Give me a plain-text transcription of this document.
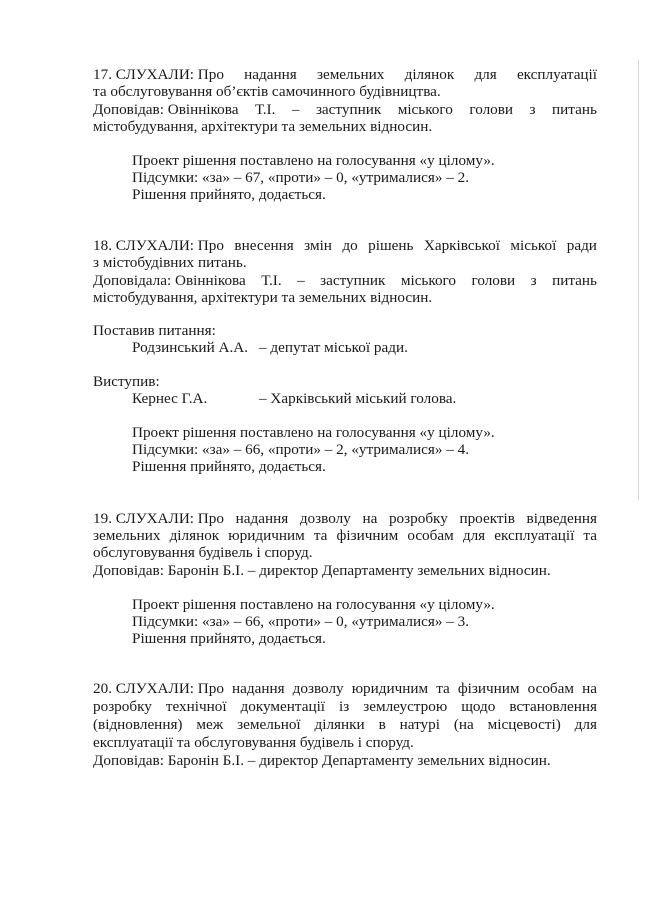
17. СЛУХАЛИ: Про надання земельних ділянок для експлуатації
та обслуговування об’єктів самочинного будівництва.
Доповідав: Овіннікова Т.І. – заступник міського голови з питань
містобудування, архітектури та земельних відносин.
Проект рішення поставлено на голосування «у цілому».
Підсумки: «за» – 67, «проти» – 0, «утрималися» – 2.
Рішення прийнято, додається.
18. СЛУХАЛИ: Про внесення змін до рішень Харківської міської ради
з містобудівних питань.
Доповідала: Овіннікова Т.І. – заступник міського голови з питань
містобудування, архітектури та земельних відносин.
Поставив питання:
Родзинський А.А. – депутат міської ради.
Виступив:
Кернес Г.А.	– Харківський міський голова.
Проект рішення поставлено на голосування «у цілому».
Підсумки: «за» – 66, «проти» – 2, «утрималися» – 4.
Рішення прийнято, додається.
19. СЛУХАЛИ: Про надання дозволу на розробку проектів відведення
земельних ділянок юридичним та фізичним особам для експлуатації та
обслуговування будівель і споруд.
Доповідав: Баронін Б.І. – директор Департаменту земельних відносин.
Проект рішення поставлено на голосування «у цілому».
Підсумки: «за» – 66, «проти» – 0, «утрималися» – 3.
Рішення прийнято, додається.
20. СЛУХАЛИ: Про надання дозволу юридичним та фізичним особам на
розробку технічної документації із землеустрою щодо встановлення
(відновлення) меж земельної ділянки в натурі (на місцевості) для
експлуатації та обслуговування будівель і споруд.
Доповідав: Баронін Б.І. – директор Департаменту земельних відносин.
